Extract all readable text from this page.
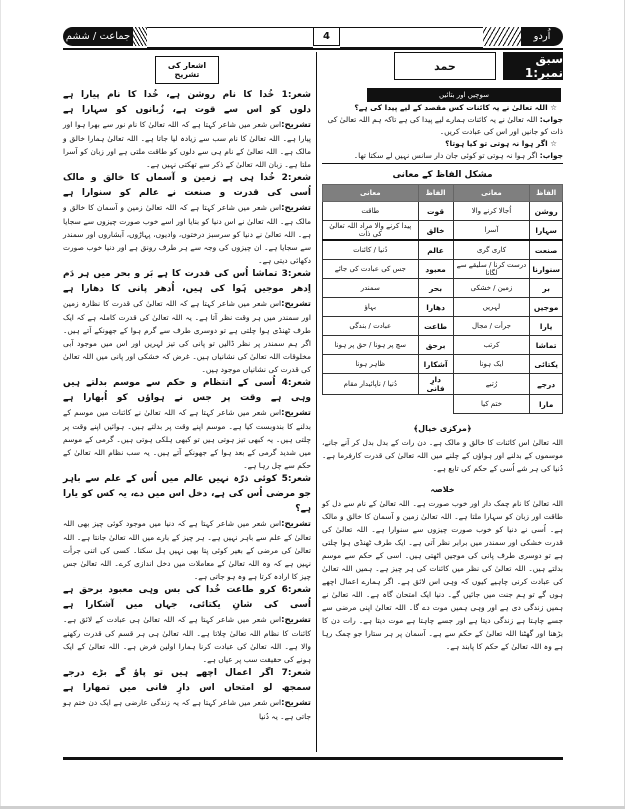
جماعت / ششم	4	اُردو
سبق نمبر:1
حمد
سوچیں اور بتائیں
☆ اللہ تعالیٰ نے یہ کائنات کس مقصد کے لیے پیدا کی ہے؟
جواب: اللہ تعالیٰ نے یہ کائنات ہمارے لیے پیدا کی ہے تاکہ ہم اللہ تعالیٰ کی ذات کو جانیں اور اس کی عبادت کریں۔
☆ اگر ہوا نہ ہوتی تو کیا ہوتا؟
جواب: اگر ہوا نہ ہوتی تو کوئی جان دار سانس نہیں لے سکتا تھا۔
مشکل الفاظ کے معانی
الفاظ	معانی	الفاظ	معانی
روشن	اُجالا کرنے والا	قوت	طاقت
سہارا	آسرا	خالق	پیدا کرنے والا مراد اللہ تعالیٰ کی ذات
صنعت	کاری گری	عالم	دُنیا / کائنات
سنوارنا	درست کرنا / سلیقے سے لگانا	معبود	جس کی عبادت کی جائے
بر	زمین / خشکی	بحر	سمندر
موجیں	لہریں	دھارا	بہاؤ
یارا	جرأت / مجال	طاعت	عبادت / بندگی
تماشا	کرتب	برحق	سچ پر ہونا / حق پر ہونا
یکتائی	ایک ہونا	آشکارا	ظاہر ہونا
درجے	رُتبے	دارِ فانی	دُنیا / ناپائیدار مقام
مارا	ختم کیا		
﴿مرکزی خیال﴾
اللہ تعالیٰ اس کائنات کا خالق و مالک ہے۔ دن رات کے بدل بدل کر آنے جانے، موسموں کے بدلنے اور ہواؤں کے چلنے میں اللہ تعالیٰ کی قدرت کارفرما ہے۔ دُنیا کی ہر شے اُسی کے حکم کی تابع ہے۔
خلاصہ
اللہ تعالیٰ کا نام چمک دار اور خوب صورت ہے۔ اللہ تعالیٰ کے نام سے دل کو طاقت اور زبان کو سہارا ملتا ہے۔ اللہ تعالیٰ زمین و آسمان کا خالق و مالک ہے۔ اُسی نے دنیا کو خوب صورت چیزوں سے سنوارا ہے۔ اللہ تعالیٰ کی قدرت خشکی اور سمندر میں برابر نظر آتی ہے۔ ایک طرف ٹھنڈی ہوا چلتی ہے تو دوسری طرف پانی کی موجیں اٹھتی ہیں۔ اسی کے حکم سے موسم بدلتے ہیں۔ اللہ تعالیٰ کی نظر میں کائنات کی ہر چیز ہے۔ ہمیں اللہ تعالیٰ کی عبادت کرنی چاہیے کیوں کہ وہی اس لائق ہے۔ اگر ہمارے اعمال اچھے ہوں گے تو ہم جنت میں جائیں گے۔ دنیا ایک امتحان گاہ ہے۔ اللہ تعالیٰ نے ہمیں زندگی دی ہے اور وہی ہمیں موت دے گا۔ اللہ تعالیٰ اپنی مرضی سے جسے چاہتا ہے زندگی دیتا ہے اور جسے چاہتا ہے موت دیتا ہے۔ رات دن کا بڑھنا اور گھٹنا اللہ تعالیٰ کے حکم سے ہے۔ آسمان پر ہر ستارا جو چمک رہا ہے وہ اللہ تعالیٰ کے حکم کا پابند ہے۔
اشعار کی تشریح
شعر:1 خُدا کا نام روشن ہے، خُدا کا نام پیارا ہے
دلوں کو اس سے قوت ہے، زُبانوں کو سہارا ہے
تشریح:اس شعر میں شاعر کہتا ہے کہ اللہ تعالیٰ کا نام نور سے بھرا ہوا اور پیارا ہے۔ اللہ تعالیٰ کا نام سب سے زیادہ لیا جاتا ہے۔ اللہ تعالیٰ ہمارا خالق و مالک ہے۔ اللہ تعالیٰ کے نام ہی سے دلوں کو طاقت ملتی ہے اور زبان کو آسرا ملتا ہے۔ زبان اللہ تعالیٰ کے ذکر سے تھکتی نہیں ہے۔
شعر:2 خُدا ہی ہے زمین و آسماں کا خالق و مالک
اُسی کی قدرت و صنعت نے عالم کو سنوارا ہے
تشریح:اس شعر میں شاعر کہتا ہے کہ اللہ تعالیٰ زمین و آسمان کا خالق و مالک ہے۔ اللہ تعالیٰ نے اس دنیا کو بنایا اور اسے خوب صورت چیزوں سے سجایا ہے۔ اللہ تعالیٰ نے دنیا کو سرسبز درختوں، وادیوں، پہاڑوں، آبشاروں اور سمندر سے سجایا ہے۔ ان چیزوں کی وجہ سے ہر طرف رونق ہے اور دنیا خوب صورت دکھائی دیتی ہے۔
شعر:3 تماشا اُس کی قدرت کا ہے بَر و بحر میں ہر دَم
اِدھر موجیں ہَوا کی ہیں، اُدھر پانی کا دھارا ہے
تشریح:اس شعر میں شاعر کہتا ہے کہ اللہ تعالیٰ کی قدرت کا نظارہ زمین اور سمندر میں ہر وقت نظر آتا ہے۔ یہ اللہ تعالیٰ کی قدرت کاملہ ہے کہ ایک طرف ٹھنڈی ہوا چلتی ہے تو دوسری طرف سے گرم ہوا کے جھونکے آتے ہیں۔ اگر ہم سمندر پر نظر ڈالیں تو پانی کی تیز لہریں اور اس میں موجود آبی مخلوقات اللہ تعالیٰ کی نشانیاں ہیں۔ غرض کہ خشکی اور پانی میں اللہ تعالیٰ کی قدرت کی نشانیاں موجود ہیں۔
شعر:4 اُسی کے انتظام و حکم سے موسم بدلتے ہیں
وہی ہے وقت پر جس نے ہواؤں کو اُبھارا ہے
تشریح:اس شعر میں شاعر کہتا ہے کہ اللہ تعالیٰ نے کائنات میں موسم کے بدلنے کا بندوبست کیا ہے۔ موسم اپنے وقت پر بدلتے ہیں۔ ہوائیں اپنے وقت پر چلتی ہیں۔ یہ کبھی تیز ہوتی ہیں تو کبھی ہلکی ہوتی ہیں۔ گرمی کے موسم میں شدید گرمی کے بعد ہوا کے جھونکے آتے ہیں۔ یہ سب نظام اللہ تعالیٰ کے حکم سے چل رہا ہے۔
شعر:5 کوئی ذرّہ نہیں عالم میں اُس کے علم سے باہر
جو مرضی اُس کی ہے، دخل اس میں دے، یہ کس کو یارا ہے؟
تشریح:اس شعر میں شاعر کہتا ہے کہ دنیا میں موجود کوئی چیز بھی اللہ تعالیٰ کے علم سے باہر نہیں ہے۔ ہر چیز کے بارے میں اللہ تعالیٰ جانتا ہے۔ اللہ تعالیٰ کی مرضی کے بغیر کوئی پتا بھی نہیں ہل سکتا۔ کسی کی اتنی جرأت نہیں ہے کہ وہ اللہ تعالیٰ کے معاملات میں دخل اندازی کرے۔ اللہ تعالیٰ جس چیز کا ارادہ کرتا ہے وہ ہو جاتی ہے۔
شعر:6 کرو طاعت خُدا کی بس وہی معبود برحق ہے
اُسی کی شانِ یکتائی، جہاں میں آشکارا ہے
تشریح:اس شعر میں شاعر کہتا ہے کہ اللہ تعالیٰ ہی عبادت کے لائق ہے۔ کائنات کا نظام اللہ تعالیٰ چلاتا ہے۔ اللہ تعالیٰ ہی ہر قسم کی قدرت رکھنے والا ہے۔ اللہ تعالیٰ کی عبادت کرنا ہمارا اولین فرض ہے۔ اللہ تعالیٰ کے ایک ہونے کی حقیقت سب پر عیاں ہے۔
شعر:7 اگر اعمال اچھے ہیں تو پاؤ گے بڑے درجے
سمجھ لو امتحاں اس دارِ فانی میں تمھارا ہے
تشریح:اس شعر میں شاعر کہتا ہے کہ یہ زندگی عارضی ہے ایک دن ختم ہو جاتی ہے۔ یہ دُنیا
